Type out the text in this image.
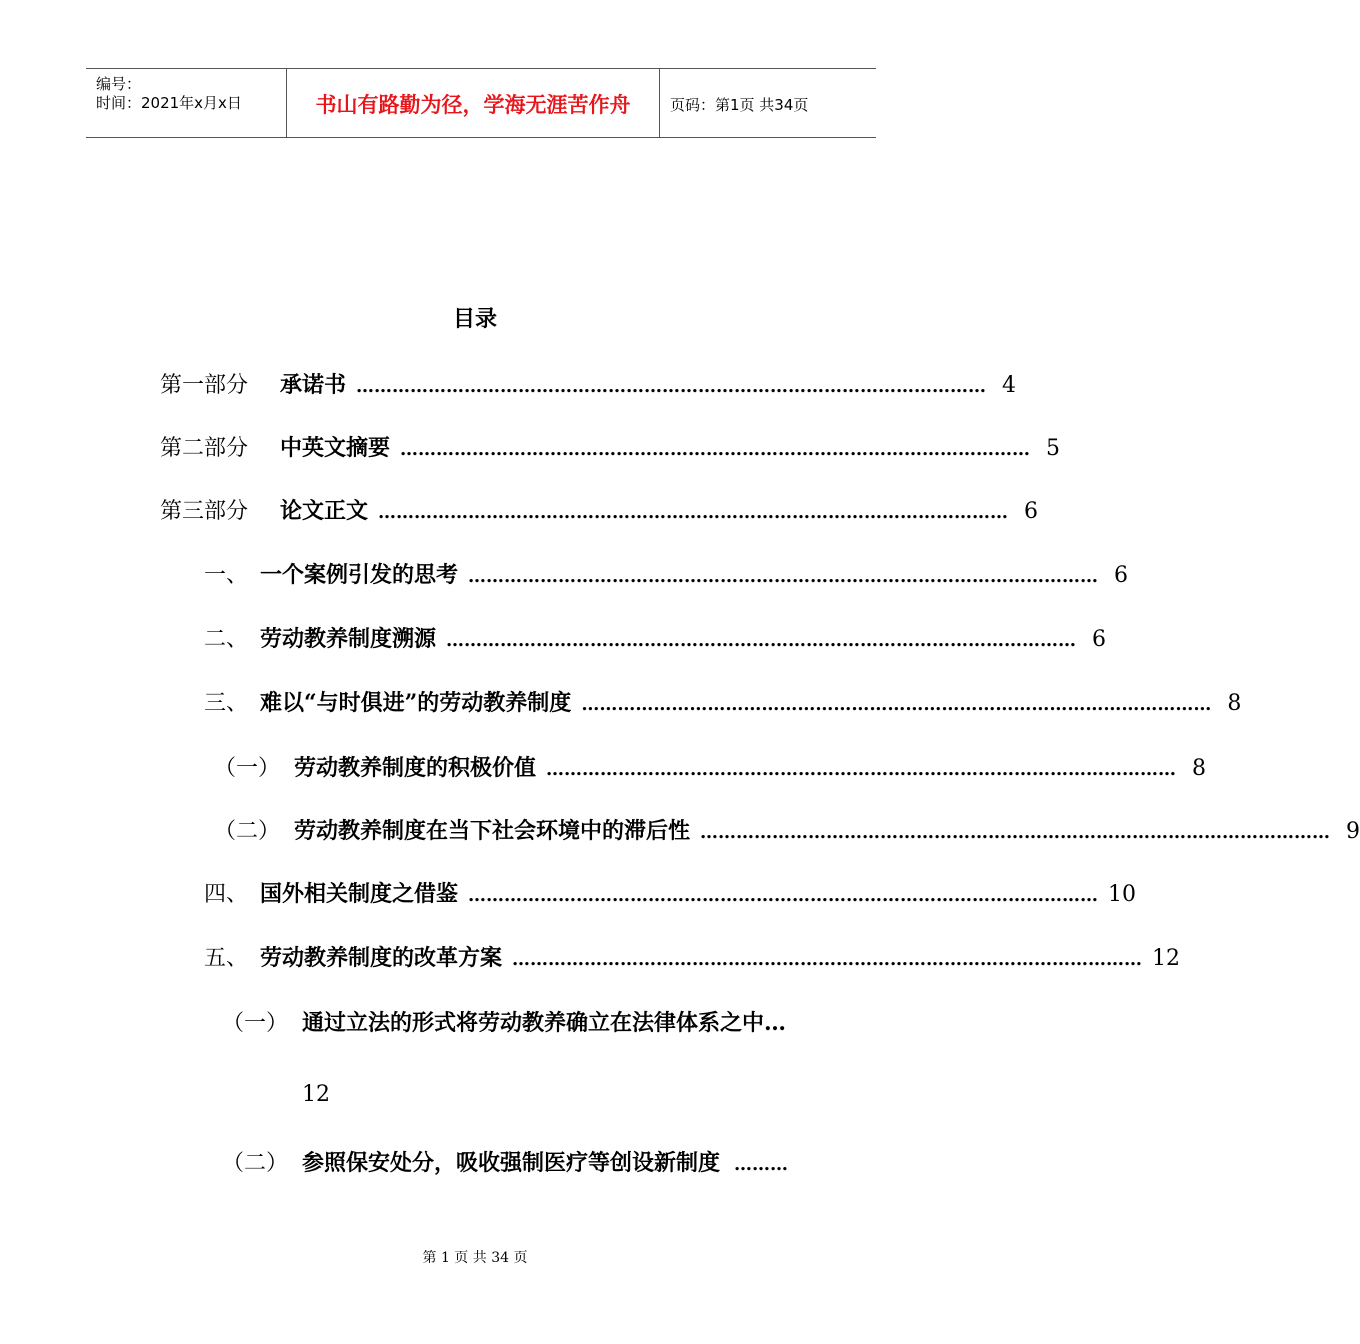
编号：
时间：2021年x月x日	书山有路勤为径，学海无涯苦作舟	页码：第1页 共34页
目录
第一部分	承诺书 …………………………………………………………………………………………… 4
第二部分	中英文摘要 …………………………………………………………………………………………… 5
第三部分	论文正文 …………………………………………………………………………………………… 6
一、 一个案例引发的思考 …………………………………………………………………………………………… 6
二、 劳动教养制度溯源 …………………………………………………………………………………………… 6
三、 难以“与时俱进”的劳动教养制度 …………………………………………………………………………………………… 8
（一） 劳动教养制度的积极价值 …………………………………………………………………………………………… 8
（二） 劳动教养制度在当下社会环境中的滞后性 …………………………………………………………………………………………… 9
四、 国外相关制度之借鉴 …………………………………………………………………………………………… 10
五、 劳动教养制度的改革方案 …………………………………………………………………………………………… 12
（一） 通过立法的形式将劳动教养确立在法律体系之中…
12
（二） 参照保安处分，吸收强制医疗等创设新制度 ………
第 1 页 共 34 页
